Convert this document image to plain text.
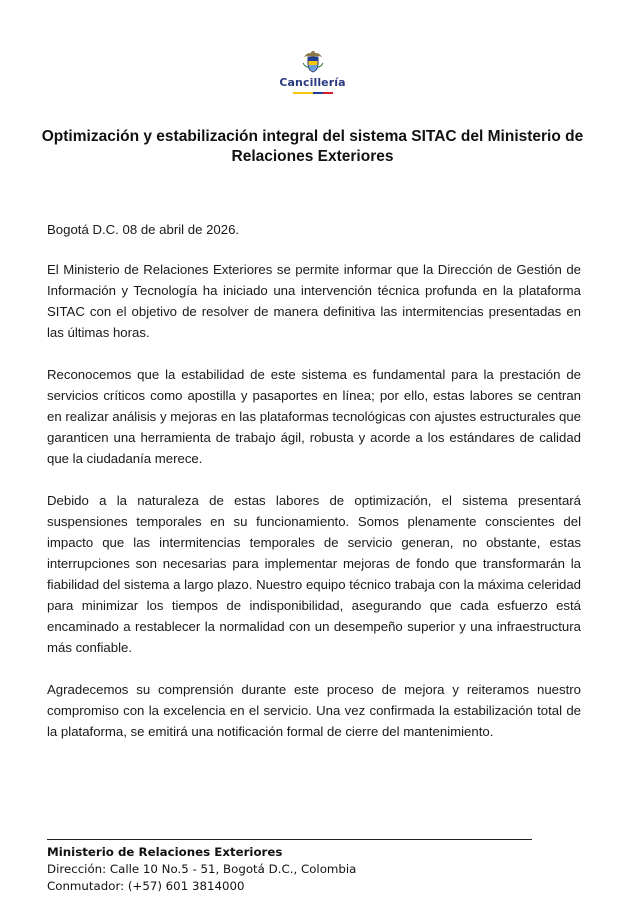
Cancillería
Optimización y estabilización integral del sistema SITAC del Ministerio de Relaciones Exteriores

Bogotá D.C. 08 de abril de 2026.

El Ministerio de Relaciones Exteriores se permite informar que la Dirección de Gestión de Información y Tecnología ha iniciado una intervención técnica profunda en la plataforma SITAC con el objetivo de resolver de manera definitiva las intermitencias presentadas en las últimas horas.

Reconocemos que la estabilidad de este sistema es fundamental para la prestación de servicios críticos como apostilla y pasaportes en línea; por ello, estas labores se centran en realizar análisis y mejoras en las plataformas tecnológicas con ajustes estructurales que garanticen una herramienta de trabajo ágil, robusta y acorde a los estándares de calidad que la ciudadanía merece.

Debido a la naturaleza de estas labores de optimización, el sistema presentará suspensiones temporales en su funcionamiento. Somos plenamente conscientes del impacto que las intermitencias temporales de servicio generan, no obstante, estas interrupciones son necesarias para implementar mejoras de fondo que transformarán la fiabilidad del sistema a largo plazo. Nuestro equipo técnico trabaja con la máxima celeridad para minimizar los tiempos de indisponibilidad, asegurando que cada esfuerzo está encaminado a restablecer la normalidad con un desempeño superior y una infraestructura más confiable.

Agradecemos su comprensión durante este proceso de mejora y reiteramos nuestro compromiso con la excelencia en el servicio. Una vez confirmada la estabilización total de la plataforma, se emitirá una notificación formal de cierre del mantenimiento.

Ministerio de Relaciones Exteriores
Dirección: Calle 10 No.5 - 51, Bogotá D.C., Colombia
Conmutador: (+57) 601 3814000
